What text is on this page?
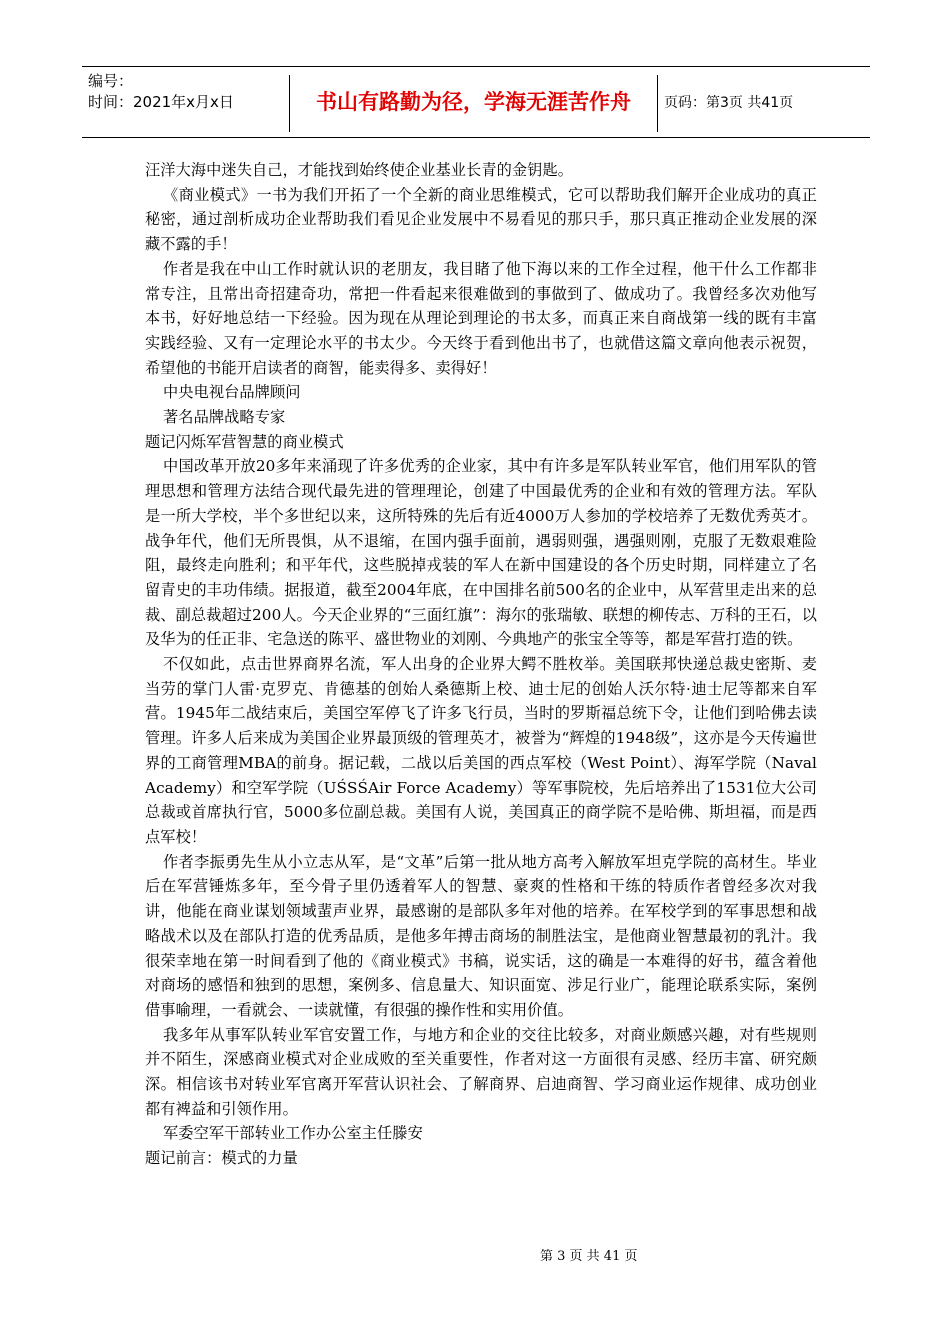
编号：
时间：2021年x月x日	书山有路勤为径，学海无涯苦作舟	页码：第3页 共41页

汪洋大海中迷失自己，才能找到始终使企业基业长青的金钥匙。

《商业模式》一书为我们开拓了一个全新的商业思维模式，它可以帮助我们解开企业成功的真正秘密，通过剖析成功企业帮助我们看见企业发展中不易看见的那只手，那只真正推动企业发展的深藏不露的手！

作者是我在中山工作时就认识的老朋友，我目睹了他下海以来的工作全过程，他干什么工作都非常专注，且常出奇招建奇功，常把一件看起来很难做到的事做到了、做成功了。我曾经多次劝他写本书，好好地总结一下经验。因为现在从理论到理论的书太多，而真正来自商战第一线的既有丰富实践经验、又有一定理论水平的书太少。今天终于看到他出书了，也就借这篇文章向他表示祝贺，希望他的书能开启读者的商智，能卖得多、卖得好！

中央电视台品牌顾问

著名品牌战略专家

题记闪烁军营智慧的商业模式

中国改革开放20多年来涌现了许多优秀的企业家，其中有许多是军队转业军官，他们用军队的管理思想和管理方法结合现代最先进的管理理论，创建了中国最优秀的企业和有效的管理方法。军队是一所大学校，半个多世纪以来，这所特殊的先后有近4000万人参加的学校培养了无数优秀英才。战争年代，他们无所畏惧，从不退缩，在国内强手面前，遇弱则强，遇强则刚，克服了无数艰难险阻，最终走向胜利；和平年代，这些脱掉戎装的军人在新中国建设的各个历史时期，同样建立了名留青史的丰功伟绩。据报道，截至2004年底，在中国排名前500名的企业中，从军营里走出来的总裁、副总裁超过200人。今天企业界的“三面红旗”：海尔的张瑞敏、联想的柳传志、万科的王石，以及华为的任正非、宅急送的陈平、盛世物业的刘刚、今典地产的张宝全等等，都是军营打造的铁。

不仅如此，点击世界商界名流，军人出身的企业界大鳄不胜枚举。美国联邦快递总裁史密斯、麦当劳的掌门人雷·克罗克、肯德基的创始人桑德斯上校、迪士尼的创始人沃尔特·迪士尼等都来自军营。1945年二战结束后，美国空军停飞了许多飞行员，当时的罗斯福总统下令，让他们到哈佛去读管理。许多人后来成为美国企业界最顶级的管理英才，被誉为“辉煌的1948级”，这亦是今天传遍世界的工商管理MBA的前身。据记载，二战以后美国的西点军校（West Point）、海军学院（Naval Academy）和空军学院（UŚSŚAir Force Academy）等军事院校，先后培养出了1531位大公司总裁或首席执行官，5000多位副总裁。美国有人说，美国真正的商学院不是哈佛、斯坦福，而是西点军校！

作者李振勇先生从小立志从军，是“文革”后第一批从地方高考入解放军坦克学院的高材生。毕业后在军营锤炼多年，至今骨子里仍透着军人的智慧、豪爽的性格和干练的特质作者曾经多次对我讲，他能在商业谋划领域蜚声业界，最感谢的是部队多年对他的培养。在军校学到的军事思想和战略战术以及在部队打造的优秀品质，是他多年搏击商场的制胜法宝，是他商业智慧最初的乳汁。我很荣幸地在第一时间看到了他的《商业模式》书稿，说实话，这的确是一本难得的好书，蕴含着他对商场的感悟和独到的思想，案例多、信息量大、知识面宽、涉足行业广，能理论联系实际，案例借事喻理，一看就会、一读就懂，有很强的操作性和实用价值。

我多年从事军队转业军官安置工作，与地方和企业的交往比较多，对商业颇感兴趣，对有些规则并不陌生，深感商业模式对企业成败的至关重要性，作者对这一方面很有灵感、经历丰富、研究颇深。相信该书对转业军官离开军营认识社会、了解商界、启迪商智、学习商业运作规律、成功创业都有裨益和引领作用。

军委空军干部转业工作办公室主任滕安

题记前言：模式的力量

第 3 页 共 41 页
